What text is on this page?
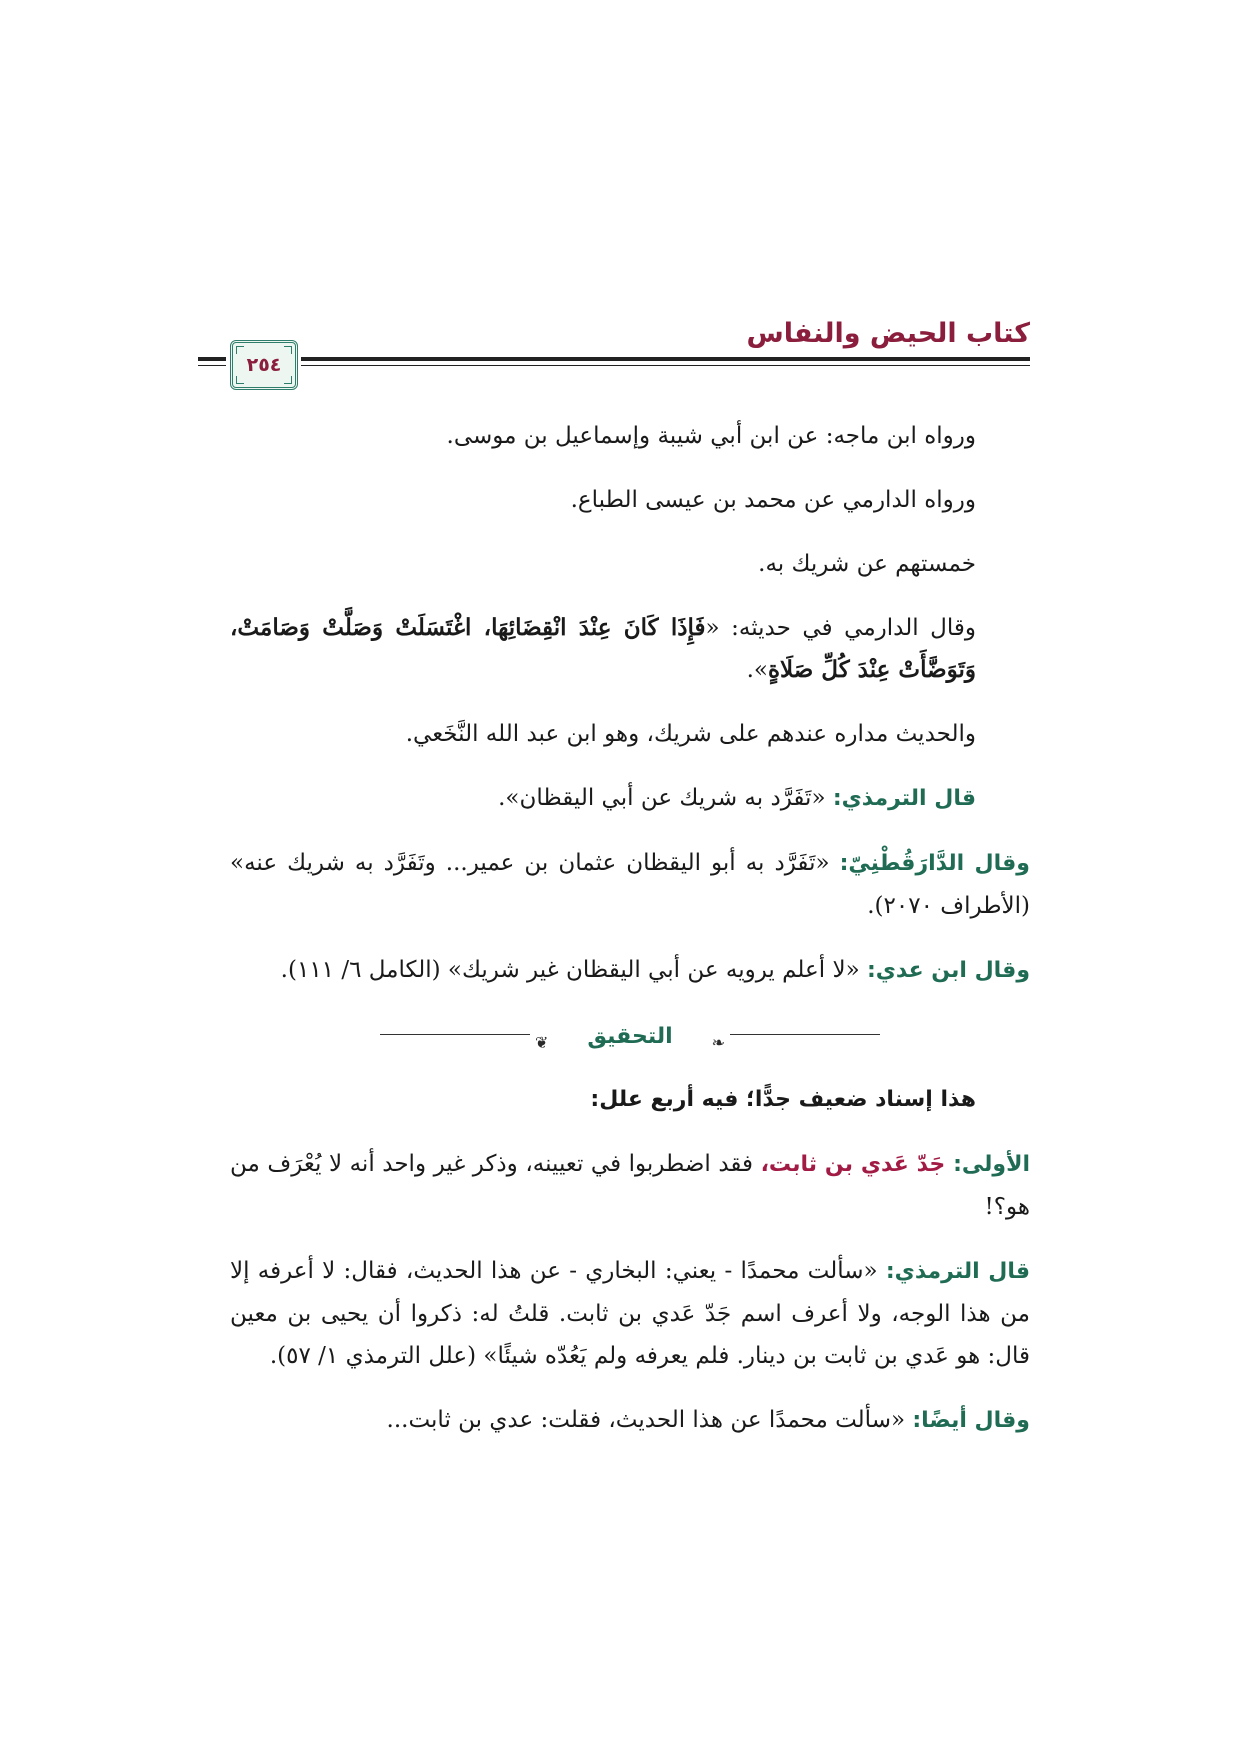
كتاب الحيض والنفاس
٢٥٤

ورواه ابن ماجه: عن ابن أبي شيبة وإسماعيل بن موسى.

ورواه الدارمي عن محمد بن عيسى الطباع.

خمستهم عن شريك به.

وقال الدارمي في حديثه: «فَإِذَا كَانَ عِنْدَ انْقِضَائِهَا، اغْتَسَلَتْ وَصَلَّتْ وَصَامَتْ، وَتَوَضَّأَتْ عِنْدَ كُلِّ صَلَاةٍ».

والحديث مداره عندهم على شريك، وهو ابن عبد الله النَّخَعي.

قال الترمذي: «تَفَرَّد به شريك عن أبي اليقظان».

وقال الدَّارَقُطْنِيّ: «تَفَرَّد به أبو اليقظان عثمان بن عمير... وتَفَرَّد به شريك عنه» (الأطراف ٢٠٧٠).

وقال ابن عدي: «لا أعلم يرويه عن أبي اليقظان غير شريك» (الكامل ٦/ ١١١).

❦	التحقيق	❧

هذا إسناد ضعيف جدًّا؛ فيه أربع علل:

الأولى: جَدّ عَدي بن ثابت، فقد اضطربوا في تعيينه، وذكر غير واحد أنه لا يُعْرَف من هو؟!

قال الترمذي: «سألت محمدًا - يعني: البخاري - عن هذا الحديث، فقال: لا أعرفه إلا من هذا الوجه، ولا أعرف اسم جَدّ عَدي بن ثابت. قلتُ له: ذكروا أن يحيى بن معين قال: هو عَدي بن ثابت بن دينار. فلم يعرفه ولم يَعُدّه شيئًا» (علل الترمذي ١/ ٥٧).

وقال أيضًا: «سألت محمدًا عن هذا الحديث، فقلت: عدي بن ثابت...
